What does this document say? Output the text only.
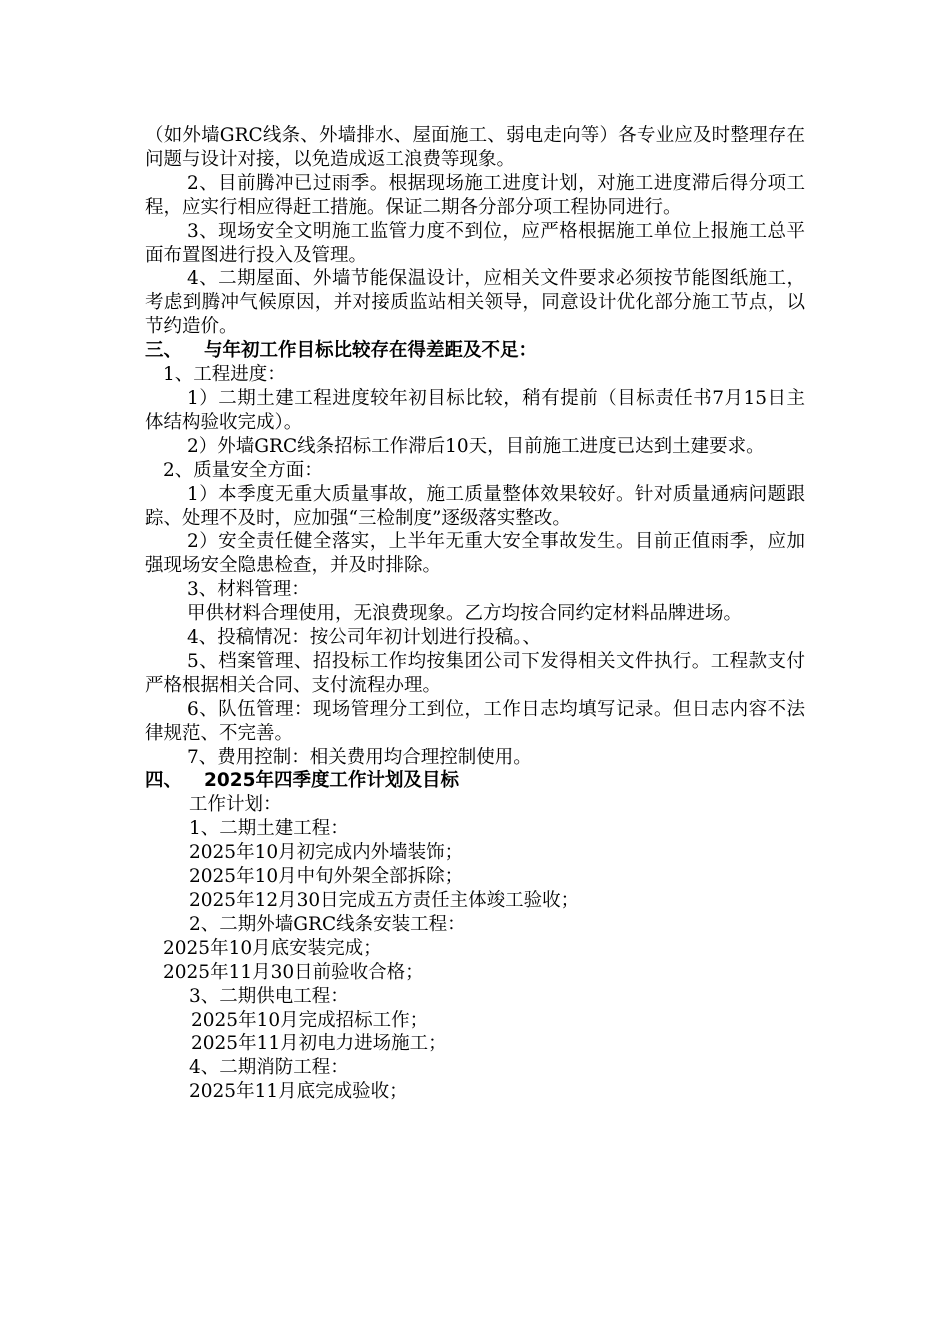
（如外墙GRC线条、外墙排水、屋面施工、弱电走向等）各专业应及时整理存在问题与设计对接，以免造成返工浪费等现象。

2、目前腾冲已过雨季。根据现场施工进度计划，对施工进度滞后得分项工程，应实行相应得赶工措施。保证二期各分部分项工程协同进行。

3、现场安全文明施工监管力度不到位，应严格根据施工单位上报施工总平面布置图进行投入及管理。

4、二期屋面、外墙节能保温设计，应相关文件要求必须按节能图纸施工，考虑到腾冲气候原因，并对接质监站相关领导，同意设计优化部分施工节点，以节约造价。

三、 与年初工作目标比较存在得差距及不足：

1、工程进度：

1）二期土建工程进度较年初目标比较，稍有提前（目标责任书7月15日主体结构验收完成）。

2）外墙GRC线条招标工作滞后10天，目前施工进度已达到土建要求。

2、质量安全方面：

1）本季度无重大质量事故，施工质量整体效果较好。针对质量通病问题跟踪、处理不及时，应加强“三检制度”逐级落实整改。

2）安全责任健全落实，上半年无重大安全事故发生。目前正值雨季，应加强现场安全隐患检查，并及时排除。

3、材料管理：

甲供材料合理使用，无浪费现象。乙方均按合同约定材料品牌进场。

4、投稿情况：按公司年初计划进行投稿。、

5、档案管理、招投标工作均按集团公司下发得相关文件执行。工程款支付严格根据相关合同、支付流程办理。

6、队伍管理：现场管理分工到位，工作日志均填写记录。但日志内容不法律规范、不完善。

7、费用控制：相关费用均合理控制使用。

四、 2025年四季度工作计划及目标

工作计划：

1、二期土建工程：

2025年10月初完成内外墙装饰；

2025年10月中旬外架全部拆除；

2025年12月30日完成五方责任主体竣工验收；

2、二期外墙GRC线条安装工程：

2025年10月底安装完成；

2025年11月30日前验收合格；

3、二期供电工程：

2025年10月完成招标工作；

2025年11月初电力进场施工；

4、二期消防工程：

2025年11月底完成验收；
